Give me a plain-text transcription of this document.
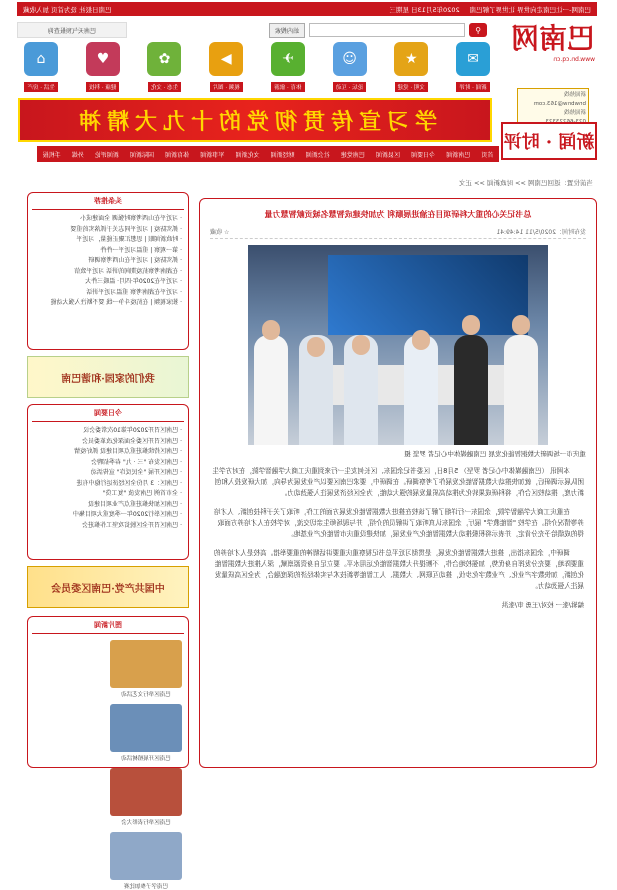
巴南网-一让巴南走向世界 让世界了解巴南
2020年5月13日 星期三
巴南日报社 设为首页 加入收藏
巴南网
www.bn.cq.cn
新闻热线
bnwbnw@163.com
新闻热线
⚲
站内搜索
巴南天气预报查询
✉
新闻 · 时评
★
文明 · 党建
☺
论坛 · 互动
✈
体育 · 旅游
▶
视频 · 图片
✿
生态 · 文化
♥
健康 · 科技
⌂
生活 · 房产
学习宣传贯彻党的十九大精神
新闻 · 时评
首页
巴南新闻
今日要闻
区县新闻
巴南党建
社会新闻
财经新闻
文化新闻
军事新闻
体育新闻
国际新闻
新闻评论
外媒
手机报
当前位置：返回巴南网 >> 时政新闻 >> 正文
总书记关心的重大科研项目在渝进展顺利 为加快建成智慧名城贡献智慧力量
发布时间：2020/5/11 14:49:41
☆ 收藏
重庆市一场调研大数据智能化发展 巴南融媒体中心记者 罗坚 摄

本网讯 （巴南融媒体中心记者 罗坚） 5月8日，区委书记余国东、区长何友生一行来到重庆工商大学融智学院，在对方学生团队展示调研后，就加快推动大数据智能化发展作了考察调研。在调研中，要求巴南区要以产业发展为导向，加大研发投入和创新力度，推动校区合作，将科研成果转化为推动高质量发展的强大动能，为全区经济发展注入强劲动力。

在重庆工商大学融智学院，余国东一行详细了解了该校在推进大数据智能化发展方面的工作，听取了关于科技创新、人才培养等情况介绍。在学校 "智能教学" 展厅，余国东认真听取了讲解员的介绍，并与现场师生亲切交流，对学校在人才培养方面取得的成绩给予充分肯定，并表示将积极推动大数据智能化产业发展，加快建设重庆市智能化产业基地。

调研中，余国东指出，推进大数据智能化发展，是贯彻习近平总书记视察重庆重要讲话精神的重要举措。高校是人才培养的重要阵地，要充分发挥自身优势，加强校地合作，不断提升大数据智能化运用水平。要立足自身资源禀赋，深入推进大数据智能化创新，加快数字产业化、产业数字化步伐，推动互联网、大数据、人工智能等新技术与实体经济的深度融合，为全区高质量发展注入强劲动力。

编辑/张一 校对/王勇 审/张洪
头条推荐
· 习近平在山西考察时强调 全面建成小
· 抓实防疫 | 习近平同志关于抓落实的重要
· 时政新闻眼 | 思想汇聚正能量，习近平
· 第一观察 | 重温习近平一件件
· 抓实防疫 | 习近平在山西考察调研
· 在湖南考察抗疫期间的讲话 习近平致信
· 习近平在2020年·四月· 温暖三件大
· 习近平在湖南考察 重温习近平讲话
· 独家视频 | 在抗疫斗争一线 要不断注入强大动能
我们的家园·和谐巴南
今日要闻
· 巴南区召开2020年第10次常委会议
· 巴南区召开区委全面深化改革委员会
· 巴南区持续推进重点项目建设 抓好疫情
· 巴南区发布 "三 · 九" 春季招聘会
· 巴南区开展 "全民反诈" 宣传活动
· 巴南区：3 月份全区经济运行稳中有进
· 全市首例 巴南发放 "复工贷"
· 巴南区加快推进重点产业项目建设
· 巴南区举行2020年一季度重大项目集中
· 巴南区召开全区脱贫攻坚工作推进会
中国共产党·巴南区委员会
图片新闻
巴南区举行文艺活动
巴南区开展植树活动
巴南区举行表彰大会
巴南学子参加比赛
